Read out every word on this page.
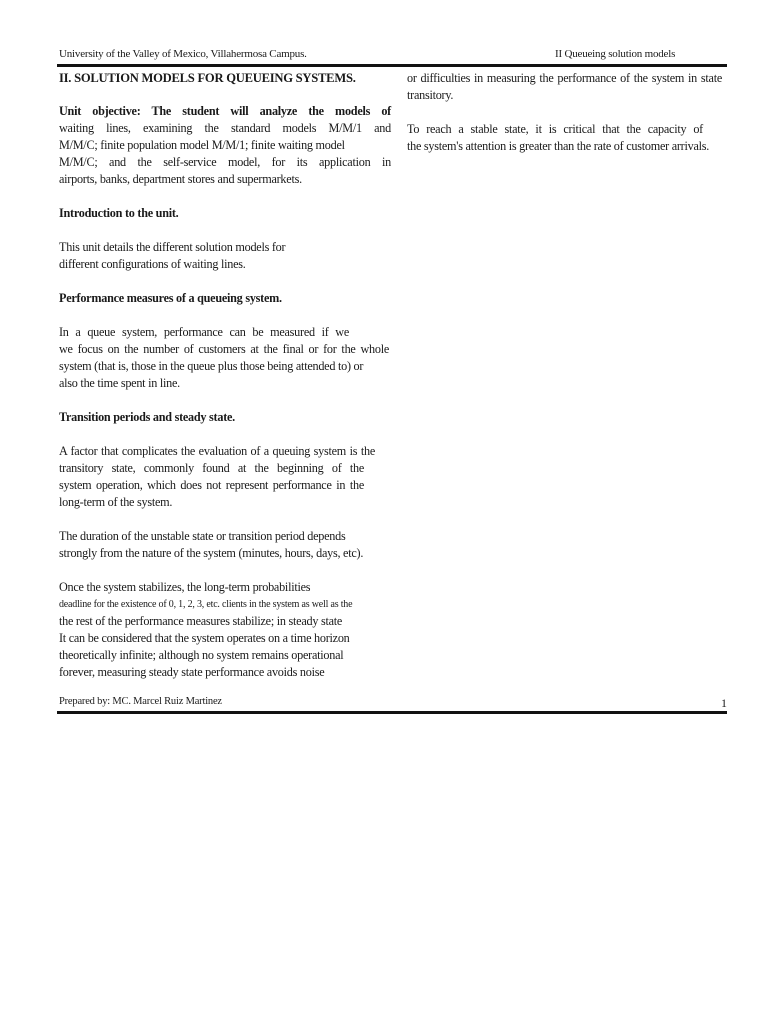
University of the Valley of Mexico, Villahermosa Campus.	II Queueing solution models
II. SOLUTION MODELS FOR QUEUEING SYSTEMS.
Unit objective: The student will analyze the models of
waiting lines, examining the standard models M/M/1 and
M/M/C; finite population model M/M/1; finite waiting model
M/M/C; and the self-service model, for its application in
airports, banks, department stores and supermarkets.
Introduction to the unit.
This unit details the different solution models for
different configurations of waiting lines.
Performance measures of a queueing system.
In a queue system, performance can be measured if we
we focus on the number of customers at the final or for the whole
system (that is, those in the queue plus those being attended to) or
also the time spent in line.
Transition periods and steady state.
A factor that complicates the evaluation of a queuing system is the
transitory state, commonly found at the beginning of the
system operation, which does not represent performance in the
long-term of the system.
The duration of the unstable state or transition period depends
strongly from the nature of the system (minutes, hours, days, etc).
Once the system stabilizes, the long-term probabilities
deadline for the existence of 0, 1, 2, 3, etc. clients in the system as well as the
the rest of the performance measures stabilize; in steady state
It can be considered that the system operates on a time horizon
theoretically infinite; although no system remains operational
forever, measuring steady state performance avoids noise
or difficulties in measuring the performance of the system in state
transitory.
To reach a stable state, it is critical that the capacity of
the system's attention is greater than the rate of customer arrivals.
Prepared by: MC. Marcel Ruiz Martinez	1
